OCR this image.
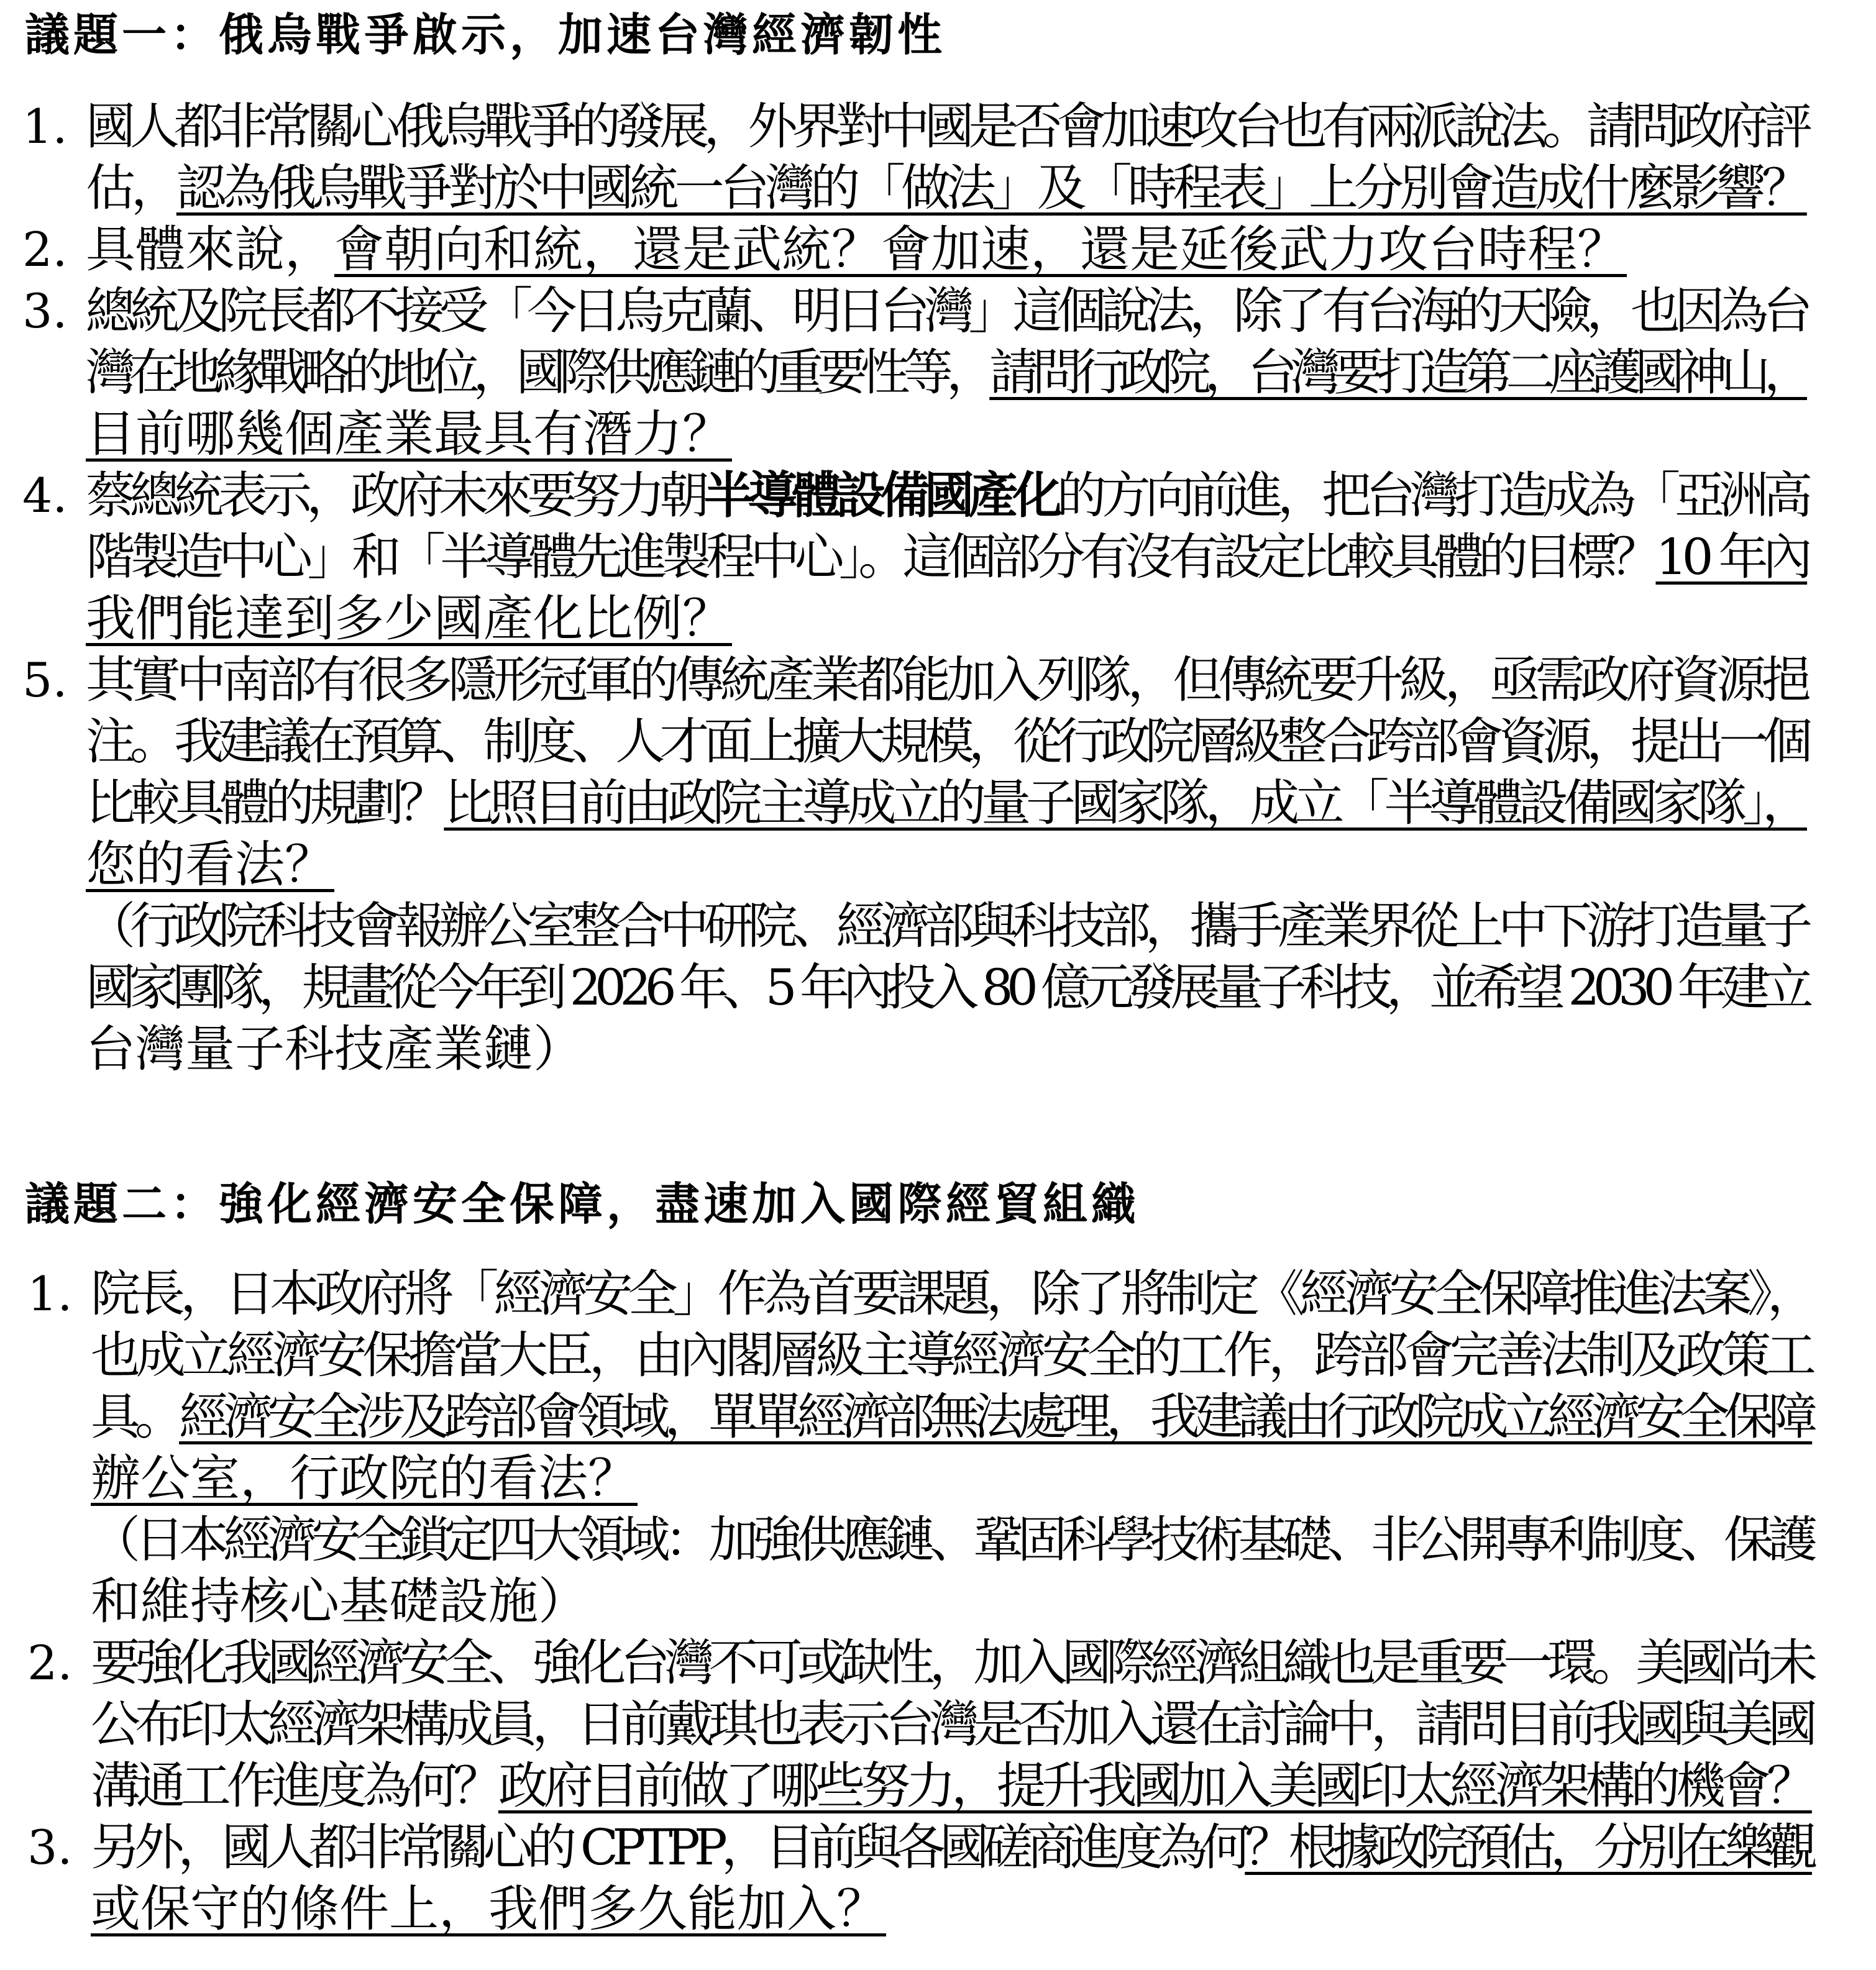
議題一：俄烏戰爭啟示，加速台灣經濟韌性
1. 國人都非常關心俄烏戰爭的發展，外界對中國是否會加速攻台也有兩派說法。請問政府評
估，認為俄烏戰爭對於中國統一台灣的「做法」及「時程表」上分別會造成什麼影響？
2. 具體來說，會朝向和統，還是武統？會加速，還是延後武力攻台時程？
3. 總統及院長都不接受「今日烏克蘭、明日台灣」這個說法，除了有台海的天險，也因為台
灣在地緣戰略的地位，國際供應鏈的重要性等，請問行政院，台灣要打造第二座護國神山，
目前哪幾個產業最具有潛力？
4. 蔡總統表示，政府未來要努力朝半導體設備國產化的方向前進，把台灣打造成為「亞洲高
階製造中心」和「半導體先進製程中心」。這個部分有沒有設定比較具體的目標？10 年內
我們能達到多少國產化比例？
5. 其實中南部有很多隱形冠軍的傳統產業都能加入列隊，但傳統要升級，亟需政府資源挹
注。我建議在預算、制度、人才面上擴大規模，從行政院層級整合跨部會資源，提出一個
比較具體的規劃？比照目前由政院主導成立的量子國家隊，成立「半導體設備國家隊」，
您的看法？
（行政院科技會報辦公室整合中研院、經濟部與科技部，攜手產業界從上中下游打造量子
國家團隊，規畫從今年到 2026 年、5 年內投入 80 億元發展量子科技，並希望 2030 年建立
台灣量子科技產業鏈）
議題二：強化經濟安全保障，盡速加入國際經貿組織
1. 院長，日本政府將「經濟安全」作為首要課題，除了將制定《經濟安全保障推進法案》，
也成立經濟安保擔當大臣，由內閣層級主導經濟安全的工作，跨部會完善法制及政策工
具。經濟安全涉及跨部會領域，單單經濟部無法處理，我建議由行政院成立經濟安全保障
辦公室，行政院的看法？
（日本經濟安全鎖定四大領域：加強供應鏈、鞏固科學技術基礎、非公開專利制度、保護
和維持核心基礎設施）
2. 要強化我國經濟安全、強化台灣不可或缺性，加入國際經濟組織也是重要一環。美國尚未
公布印太經濟架構成員，日前戴琪也表示台灣是否加入還在討論中，請問目前我國與美國
溝通工作進度為何？政府目前做了哪些努力，提升我國加入美國印太經濟架構的機會？
3. 另外，國人都非常關心的 CPTPP，目前與各國磋商進度為何？根據政院預估，分別在樂觀
或保守的條件上，我們多久能加入？
